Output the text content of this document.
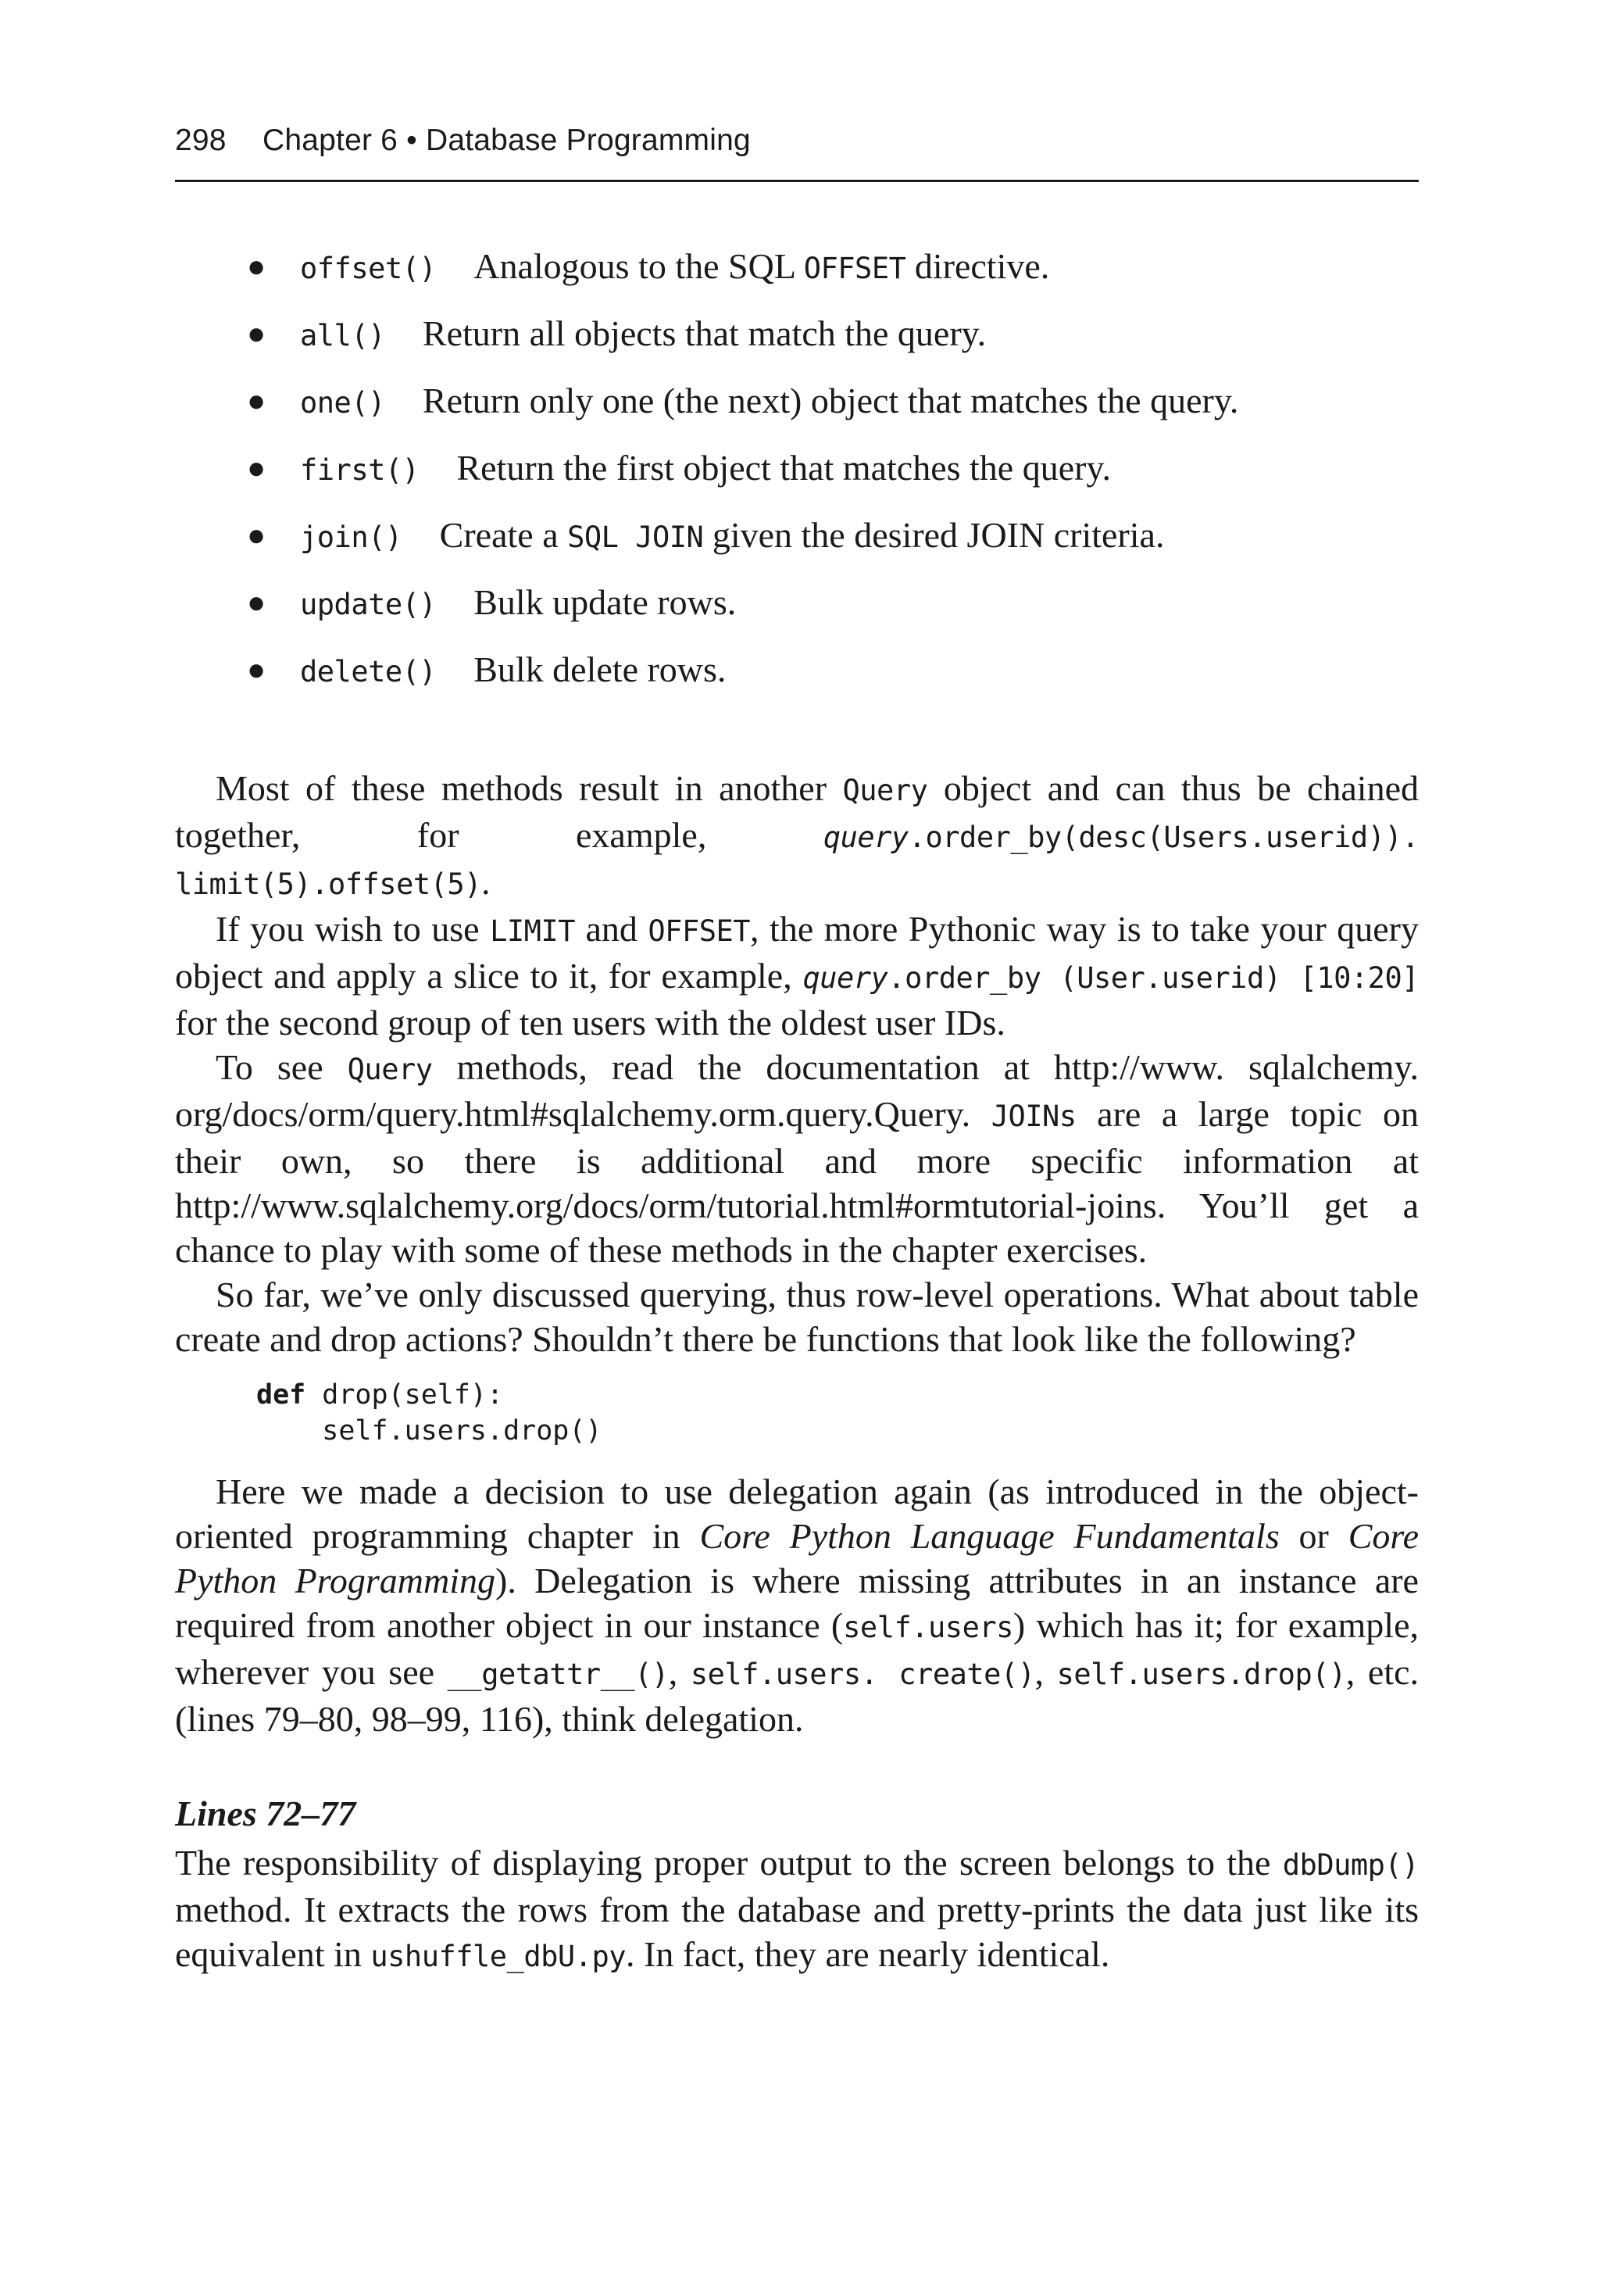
298 Chapter 6 • Database Programming
● offset() Analogous to the SQL OFFSET directive.
● all() Return all objects that match the query.
● one() Return only one (the next) object that matches the query.
● first() Return the first object that matches the query.
● join() Create a SQL JOIN given the desired JOIN criteria.
● update() Bulk update rows.
● delete() Bulk delete rows.

Most of these methods result in another Query object and can thus be chained together, for example, query.order_by(desc(Users.userid)). limit(5).offset(5).

If you wish to use LIMIT and OFFSET, the more Pythonic way is to take your query object and apply a slice to it, for example, query.order_by (User.userid) [10:20] for the second group of ten users with the oldest user IDs.

To see Query methods, read the documentation at http://www. sqlalchemy. org/docs/orm/query.html#sqlalchemy.orm.query.Query. JOINs are a large topic on their own, so there is additional and more specific information at http://www.sqlalchemy.org/docs/orm/tutorial.html#ormtutorial-joins. You’ll get a chance to play with some of these methods in the chapter exercises.

So far, we’ve only discussed querying, thus row-level operations. What about table create and drop actions? Shouldn’t there be functions that look like the following?

def drop(self):
self.users.drop()

Here we made a decision to use delegation again (as introduced in the object-oriented programming chapter in Core Python Language Fundamentals or Core Python Programming). Delegation is where missing attributes in an instance are required from another object in our instance (self.users) which has it; for example, wherever you see __getattr__(), self.users. create(), self.users.drop(), etc. (lines 79–80, 98–99, 116), think delegation.

Lines 72–77

The responsibility of displaying proper output to the screen belongs to the dbDump() method. It extracts the rows from the database and pretty-prints the data just like its equivalent in ushuffle_dbU.py. In fact, they are nearly identical.
